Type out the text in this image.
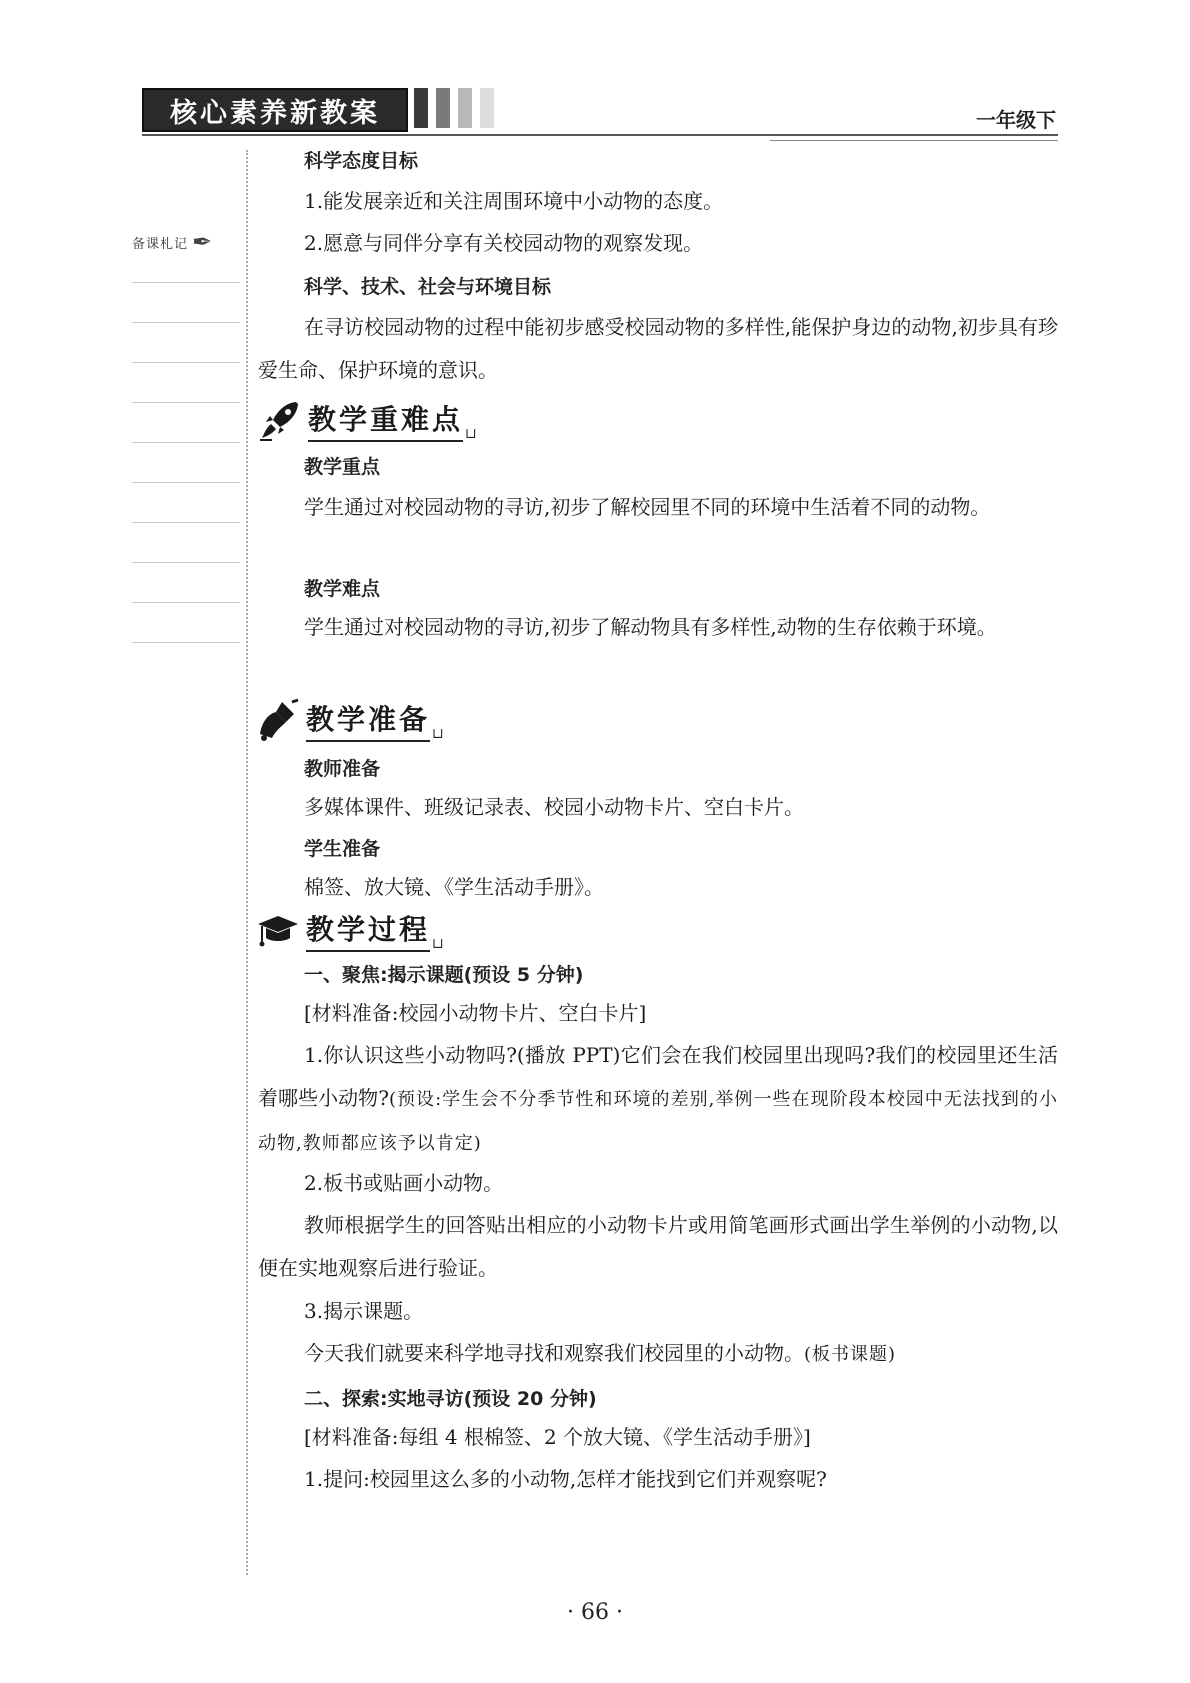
核心素养新教案	一年级下
备课札记 ✒
科学态度目标

1.能发展亲近和关注周围环境中小动物的态度。

2.愿意与同伴分享有关校园动物的观察发现。

科学、技术、社会与环境目标

在寻访校园动物的过程中能初步感受校园动物的多样性,能保护身边的动物,初步具有珍爱生命、保护环境的意识。

教学重难点 ⊔
教学重点

学生通过对校园动物的寻访,初步了解校园里不同的环境中生活着不同的动物。

教学难点

学生通过对校园动物的寻访,初步了解动物具有多样性,动物的生存依赖于环境。

教学准备 ⊔
教师准备

多媒体课件、班级记录表、校园小动物卡片、空白卡片。

学生准备

棉签、放大镜、《学生活动手册》。

教学过程 ⊔
一、聚焦:揭示课题(预设 5 分钟)

[材料准备:校园小动物卡片、空白卡片]

1.你认识这些小动物吗?(播放 PPT)它们会在我们校园里出现吗?我们的校园里还生活着哪些小动物?(预设:学生会不分季节性和环境的差别,举例一些在现阶段本校园中无法找到的小动物,教师都应该予以肯定)

2.板书或贴画小动物。

教师根据学生的回答贴出相应的小动物卡片或用简笔画形式画出学生举例的小动物,以便在实地观察后进行验证。

3.揭示课题。

今天我们就要来科学地寻找和观察我们校园里的小动物。(板书课题)

二、探索:实地寻访(预设 20 分钟)

[材料准备:每组 4 根棉签、2 个放大镜、《学生活动手册》]

1.提问:校园里这么多的小动物,怎样才能找到它们并观察呢?

· 66 ·
